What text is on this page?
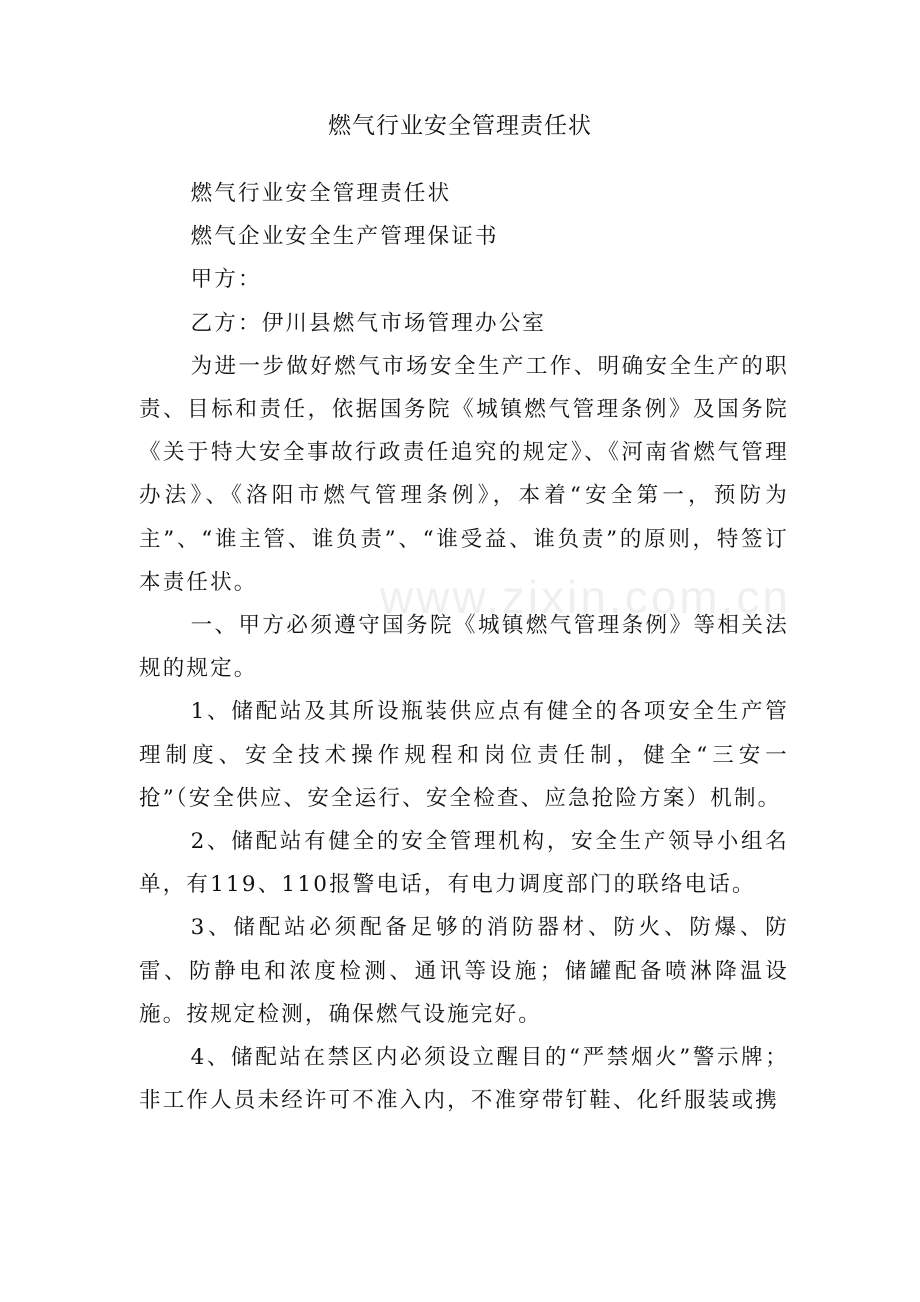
燃气行业安全管理责任状

燃气行业安全管理责任状

燃气企业安全生产管理保证书

甲方：

乙方：伊川县燃气市场管理办公室

为进一步做好燃气市场安全生产工作、明确安全生产的职责、目标和责任，依据国务院《城镇燃气管理条例》及国务院《关于特大安全事故行政责任追究的规定》、《河南省燃气管理办法》、《洛阳市燃气管理条例》，本着“安全第一，预防为主”、“谁主管、谁负责”、“谁受益、谁负责”的原则，特签订本责任状。

一、甲方必须遵守国务院《城镇燃气管理条例》等相关法规的规定。

1、储配站及其所设瓶装供应点有健全的各项安全生产管理制度、安全技术操作规程和岗位责任制，健全“三安一抢”（安全供应、安全运行、安全检查、应急抢险方案）机制。

2、储配站有健全的安全管理机构，安全生产领导小组名单，有119、110报警电话，有电力调度部门的联络电话。

3、储配站必须配备足够的消防器材、防火、防爆、防雷、防静电和浓度检测、通讯等设施；储罐配备喷淋降温设施。按规定检测，确保燃气设施完好。

4、储配站在禁区内必须设立醒目的“严禁烟火”警示牌；非工作人员未经许可不准入内，不准穿带钉鞋、化纤服装或携

www.zixin.com.cn
